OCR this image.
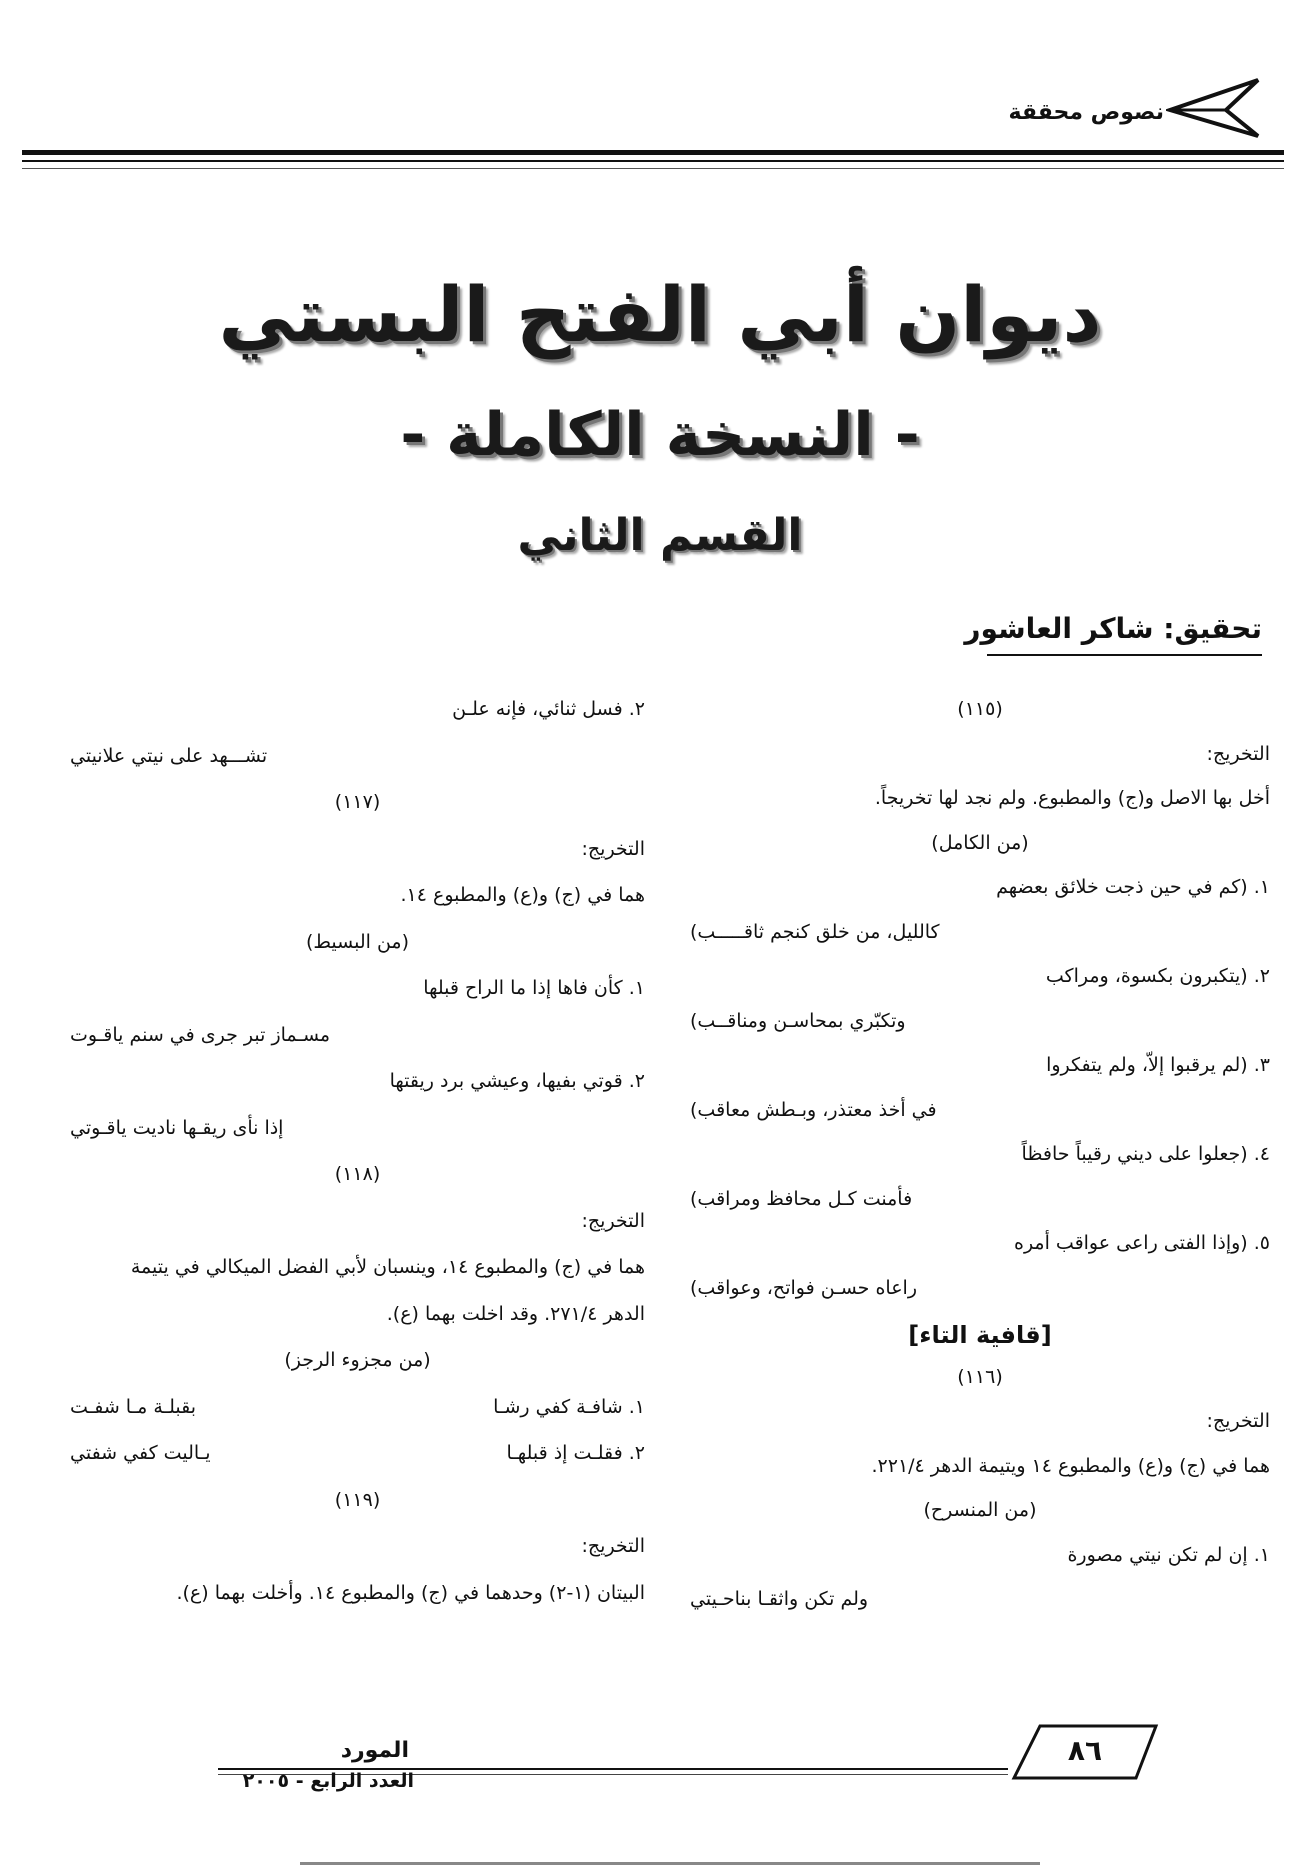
نصوص محققة
ديوان أبي الفتح البستي
- النسخة الكاملة -
القسم الثاني
تحقيق: شاكر العاشور
(١١٥)
التخريج:
أخل بها الاصل و(ج) والمطبوع. ولم نجد لها تخريجاً.
(من الكامل)
١. (كم في حين ذجت خلائق بعضهم
كالليل، من خلق كنجم ثاقـــــب)
٢. (يتكبرون بكسوة، ومراكب
وتكبّري بمحاسـن ومناقــب)
٣. (لم يرقبوا إلاّ، ولم يتفكروا
في أخذ معتذر، وبـطش معاقب)
٤. (جعلوا على ديني رقيباً حافظاً
فأمنت كـل محافظ ومراقب)
٥. (وإذا الفتى راعى عواقب أمره
راعاه حسـن فواتح، وعواقب)
[قافية التاء]
(١١٦)
التخريج:
هما في (ج) و(ع) والمطبوع ١٤ ويتيمة الدهر ٢٢١/٤.
(من المنسرح)
١. إن لم تكن نيتي مصورة
ولم تكن واثقـا بناحـيتي
٢. فسل ثنائي، فإنه علـن
تشـــهد على نيتي علانيتي
(١١٧)
التخريج:
هما في (ج) و(ع) والمطبوع ١٤.
(من البسيط)
١. كأن فاها إذا ما الراح قبلها
مسـماز تبر جرى في سنم ياقـوت
٢. قوتي بفيها، وعيشي برد ريقتها
إذا نأى ريقـها ناديت ياقـوتي
(١١٨)
التخريج:
هما في (ج) والمطبوع ١٤، وينسبان لأبي الفضل الميكالي في يتيمة
الدهر ٢٧١/٤. وقد اخلت بهما (ع).
(من مجزوء الرجز)
١. شافـة كفي رشـا
بقبلـة مـا شفـت
٢. فقلـت إذ قبلهـا
يـاليت كفي شفتي
(١١٩)
التخريج:
البيتان (١-٢) وحدهما في (ج) والمطبوع ١٤. وأخلت بهما (ع).
٨٦
المورد
العدد الرابع - ٢٠٠٥
